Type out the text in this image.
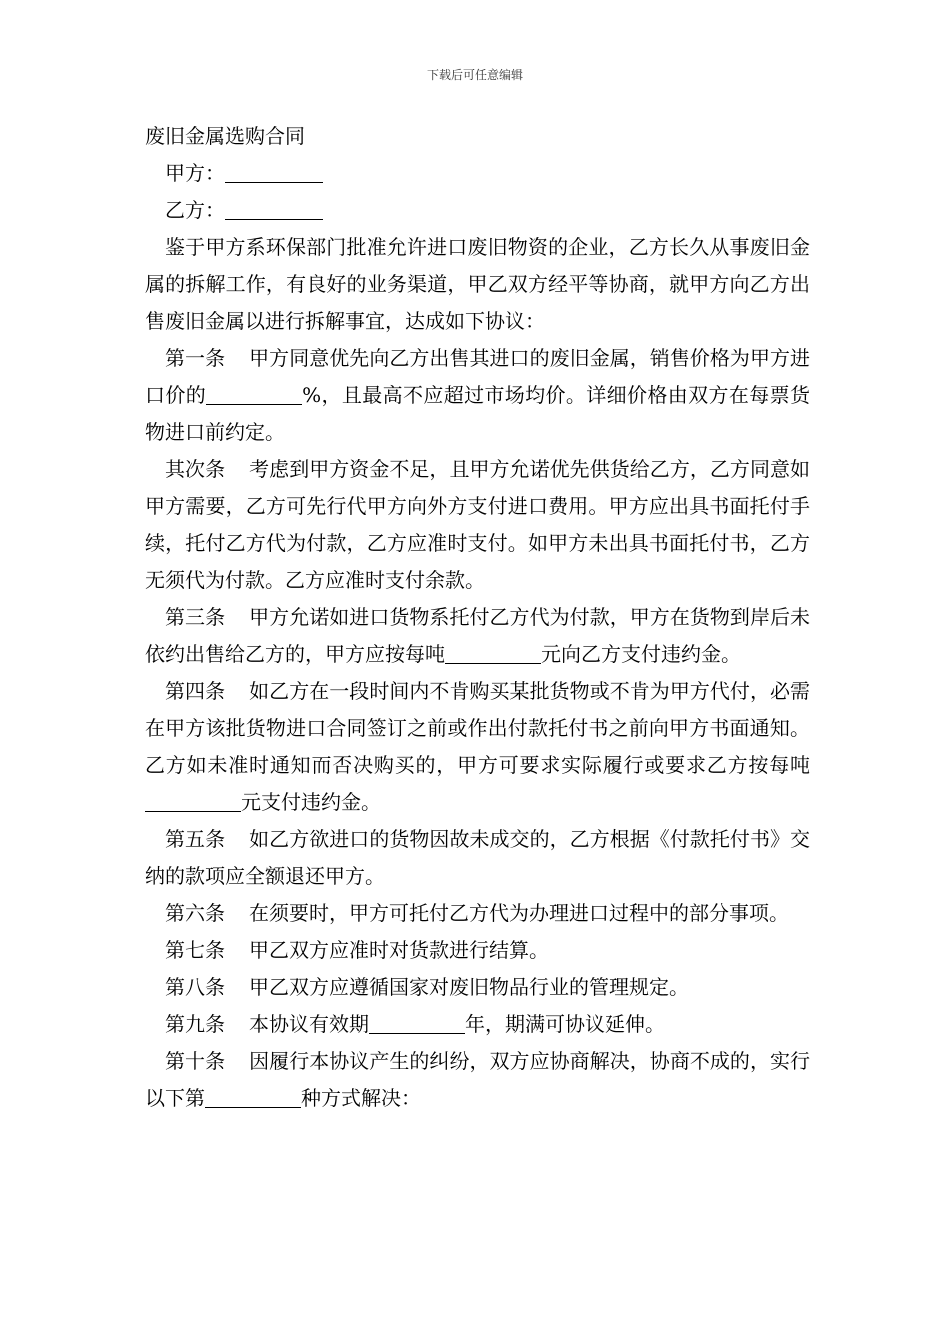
下载后可任意编辑

废旧金属选购合同

甲方：

乙方：

鉴于甲方系环保部门批准允许进口废旧物资的企业，乙方长久从事废旧金属的拆解工作，有良好的业务渠道，甲乙双方经平等协商，就甲方向乙方出售废旧金属以进行拆解事宜，达成如下协议：

第一条 甲方同意优先向乙方出售其进口的废旧金属，销售价格为甲方进口价的	%，且最高不应超过市场均价。详细价格由双方在每票货物进口前约定。

其次条 考虑到甲方资金不足，且甲方允诺优先供货给乙方，乙方同意如甲方需要，乙方可先行代甲方向外方支付进口费用。甲方应出具书面托付手续，托付乙方代为付款，乙方应准时支付。如甲方未出具书面托付书，乙方无须代为付款。乙方应准时支付余款。

第三条 甲方允诺如进口货物系托付乙方代为付款，甲方在货物到岸后未依约出售给乙方的，甲方应按每吨	元向乙方支付违约金。

第四条 如乙方在一段时间内不肯购买某批货物或不肯为甲方代付，必需在甲方该批货物进口合同签订之前或作出付款托付书之前向甲方书面通知。乙方如未准时通知而否决购买的，甲方可要求实际履行或要求乙方按每吨元支付违约金。

第五条 如乙方欲进口的货物因故未成交的，乙方根据《付款托付书》交纳的款项应全额退还甲方。

第六条 在须要时，甲方可托付乙方代为办理进口过程中的部分事项。

第七条 甲乙双方应准时对货款进行结算。

第八条 甲乙双方应遵循国家对废旧物品行业的管理规定。

第九条 本协议有效期	年，期满可协议延伸。

第十条 因履行本协议产生的纠纷，双方应协商解决，协商不成的，实行以下第	种方式解决：
